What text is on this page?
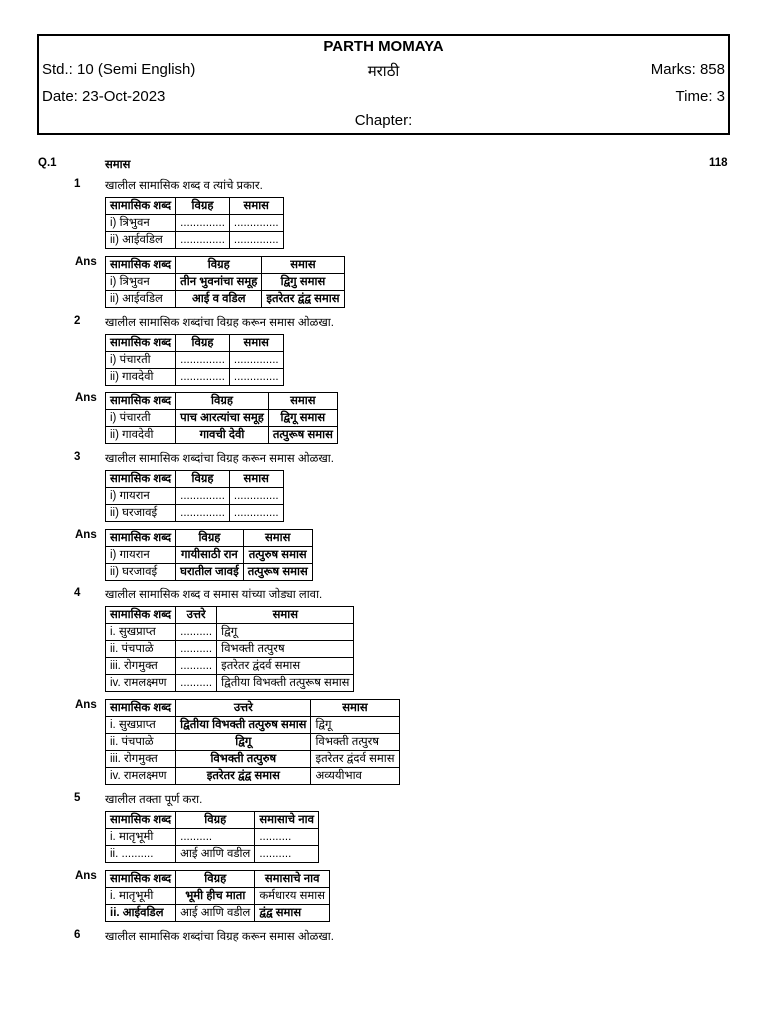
PARTH MOMAYA
Std.: 10 (Semi English)	मराठी	Marks: 858
Date: 23-Oct-2023	Time: 3
Chapter:
Q.1	समास	118
1 खालील सामासिक शब्द व त्यांचे प्रकार.
सामासिक शब्द	विग्रह	समास
i) त्रिभुवन	..............	..............
ii) आईवडिल	..............	..............
Ans सामासिक शब्द	विग्रह	समास
i) त्रिभुवन	तीन भुवनांचा समूह	द्विगु समास
ii) आईवडिल	आई व वडिल	इतरेतर द्वंद्व समास
2 खालील सामासिक शब्दांचा विग्रह करून समास ओळखा.
सामासिक शब्द	विग्रह	समास
i) पंचारती	..............	..............
ii) गावदेवी	..............	..............
Ans सामासिक शब्द	विग्रह	समास
i) पंचारती	पाच आरत्यांचा समूह	द्विगू समास
ii) गावदेवी	गावची देवी	तत्पुरूष समास
3 खालील सामासिक शब्दांचा विग्रह करून समास ओळखा.
सामासिक शब्द	विग्रह	समास
i) गायरान	..............	..............
ii) घरजावई	..............	..............
Ans सामासिक शब्द	विग्रह	समास
i) गायरान	गायीसाठी रान	तत्पुरुष समास
ii) घरजावई	घरातील जावई	तत्पुरूष समास
4 खालील सामासिक शब्द व समास यांच्या जोड्या लावा.
सामासिक शब्द	उत्तरे	समास
i. सुखप्राप्त	..........	द्विगू
ii. पंचपाळे	..........	विभक्ती तत्पुरष
iii. रोगमुक्त	..........	इतरेतर द्वंदर्व समास
iv. रामलक्ष्मण	..........	द्वितीया विभक्ती तत्पुरूष समास
Ans सामासिक शब्द	उत्तरे	समास
i. सुखप्राप्त	द्वितीया विभक्ती तत्पुरुष समास	द्विगू
ii. पंचपाळे	द्विगू	विभक्ती तत्पुरष
iii. रोगमुक्त	विभक्ती तत्पुरुष	इतरेतर द्वंदर्व समास
iv. रामलक्ष्मण	इतरेतर द्वंद्व समास	अव्ययीभाव
5 खालील तक्ता पूर्ण करा.
सामासिक शब्द	विग्रह	समासाचे नाव
i. मातृभूमी	..........	..........
ii. ..........	आई आणि वडील	..........
Ans सामासिक शब्द	विग्रह	समासाचे नाव
i. मातृभूमी	भूमी हीच माता	कर्मधारय समास
ii. आईवडिल	आई आणि वडील	द्वंद्व समास
6 खालील सामासिक शब्दांचा विग्रह करून समास ओळखा.
